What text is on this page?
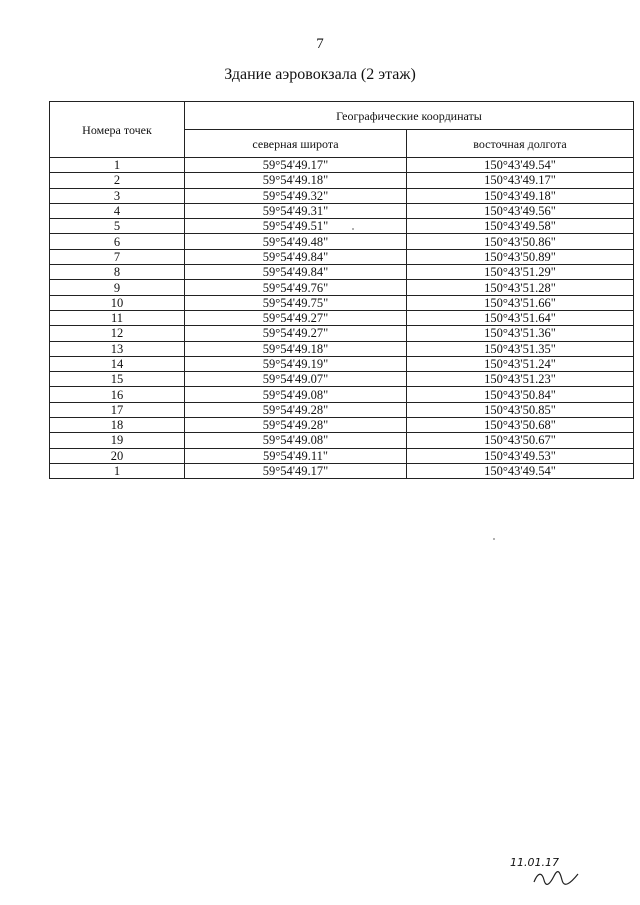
7
Здание аэровокзала (2 этаж)
Номера точек	Географические координаты	
	северная широта	восточная долгота
1	59°54'49.17"	150°43'49.54"
2	59°54'49.18"	150°43'49.17"
3	59°54'49.32"	150°43'49.18"
4	59°54'49.31"	150°43'49.56"
5	59°54'49.51"	150°43'49.58"
6	59°54'49.48"	150°43'50.86"
7	59°54'49.84"	150°43'50.89"
8	59°54'49.84"	150°43'51.29"
9	59°54'49.76"	150°43'51.28"
10	59°54'49.75"	150°43'51.66"
11	59°54'49.27"	150°43'51.64"
12	59°54'49.27"	150°43'51.36"
13	59°54'49.18"	150°43'51.35"
14	59°54'49.19"	150°43'51.24"
15	59°54'49.07"	150°43'51.23"
16	59°54'49.08"	150°43'50.84"
17	59°54'49.28"	150°43'50.85"
18	59°54'49.28"	150°43'50.68"
19	59°54'49.08"	150°43'50.67"
20	59°54'49.11"	150°43'49.53"
1	59°54'49.17"	150°43'49.54"
11.01.17
